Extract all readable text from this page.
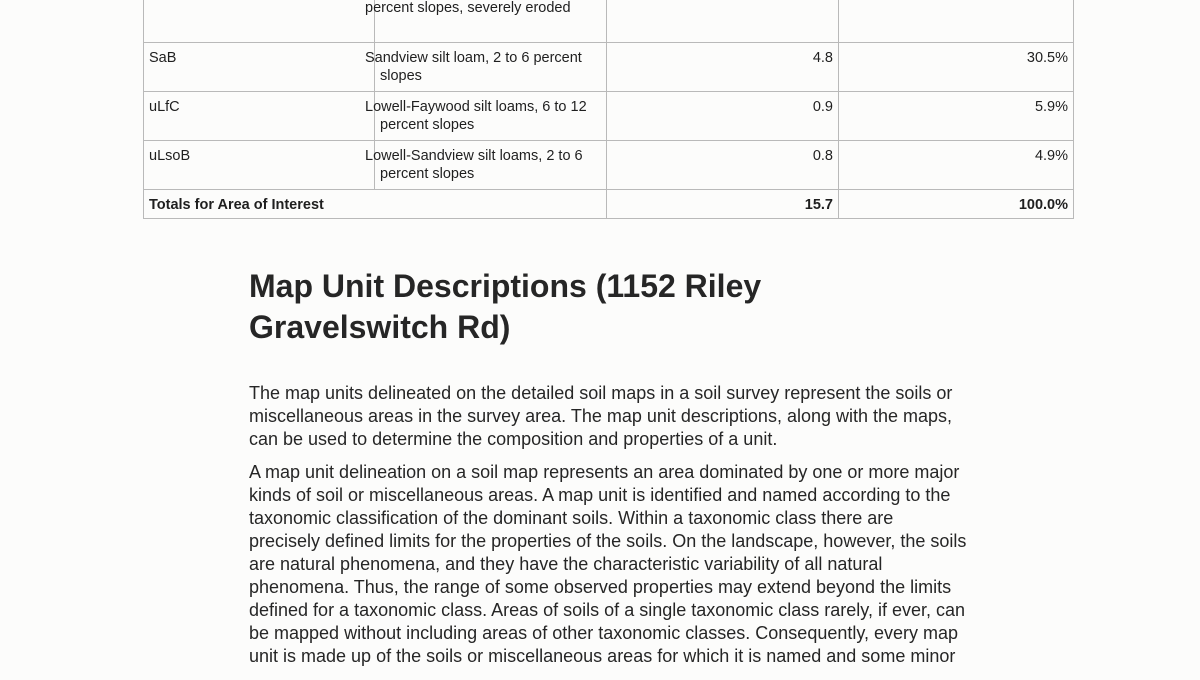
	percent slopes, severely eroded		
SaB	Sandview silt loam, 2 to 6 percent slopes	4.8	30.5%
uLfC	Lowell-Faywood silt loams, 6 to 12 percent slopes	0.9	5.9%
uLsoB	Lowell-Sandview silt loams, 2 to 6 percent slopes	0.8	4.9%
Totals for Area of Interest		15.7	100.0%
Map Unit Descriptions (1152 Riley Gravelswitch Rd)

The map units delineated on the detailed soil maps in a soil survey represent the soils or miscellaneous areas in the survey area. The map unit descriptions, along with the maps, can be used to determine the composition and properties of a unit.

A map unit delineation on a soil map represents an area dominated by one or more major kinds of soil or miscellaneous areas. A map unit is identified and named according to the taxonomic classification of the dominant soils. Within a taxonomic class there are precisely defined limits for the properties of the soils. On the landscape, however, the soils are natural phenomena, and they have the characteristic variability of all natural phenomena. Thus, the range of some observed properties may extend beyond the limits defined for a taxonomic class. Areas of soils of a single taxonomic class rarely, if ever, can be mapped without including areas of other taxonomic classes. Consequently, every map unit is made up of the soils or miscellaneous areas for which it is named and some minor
